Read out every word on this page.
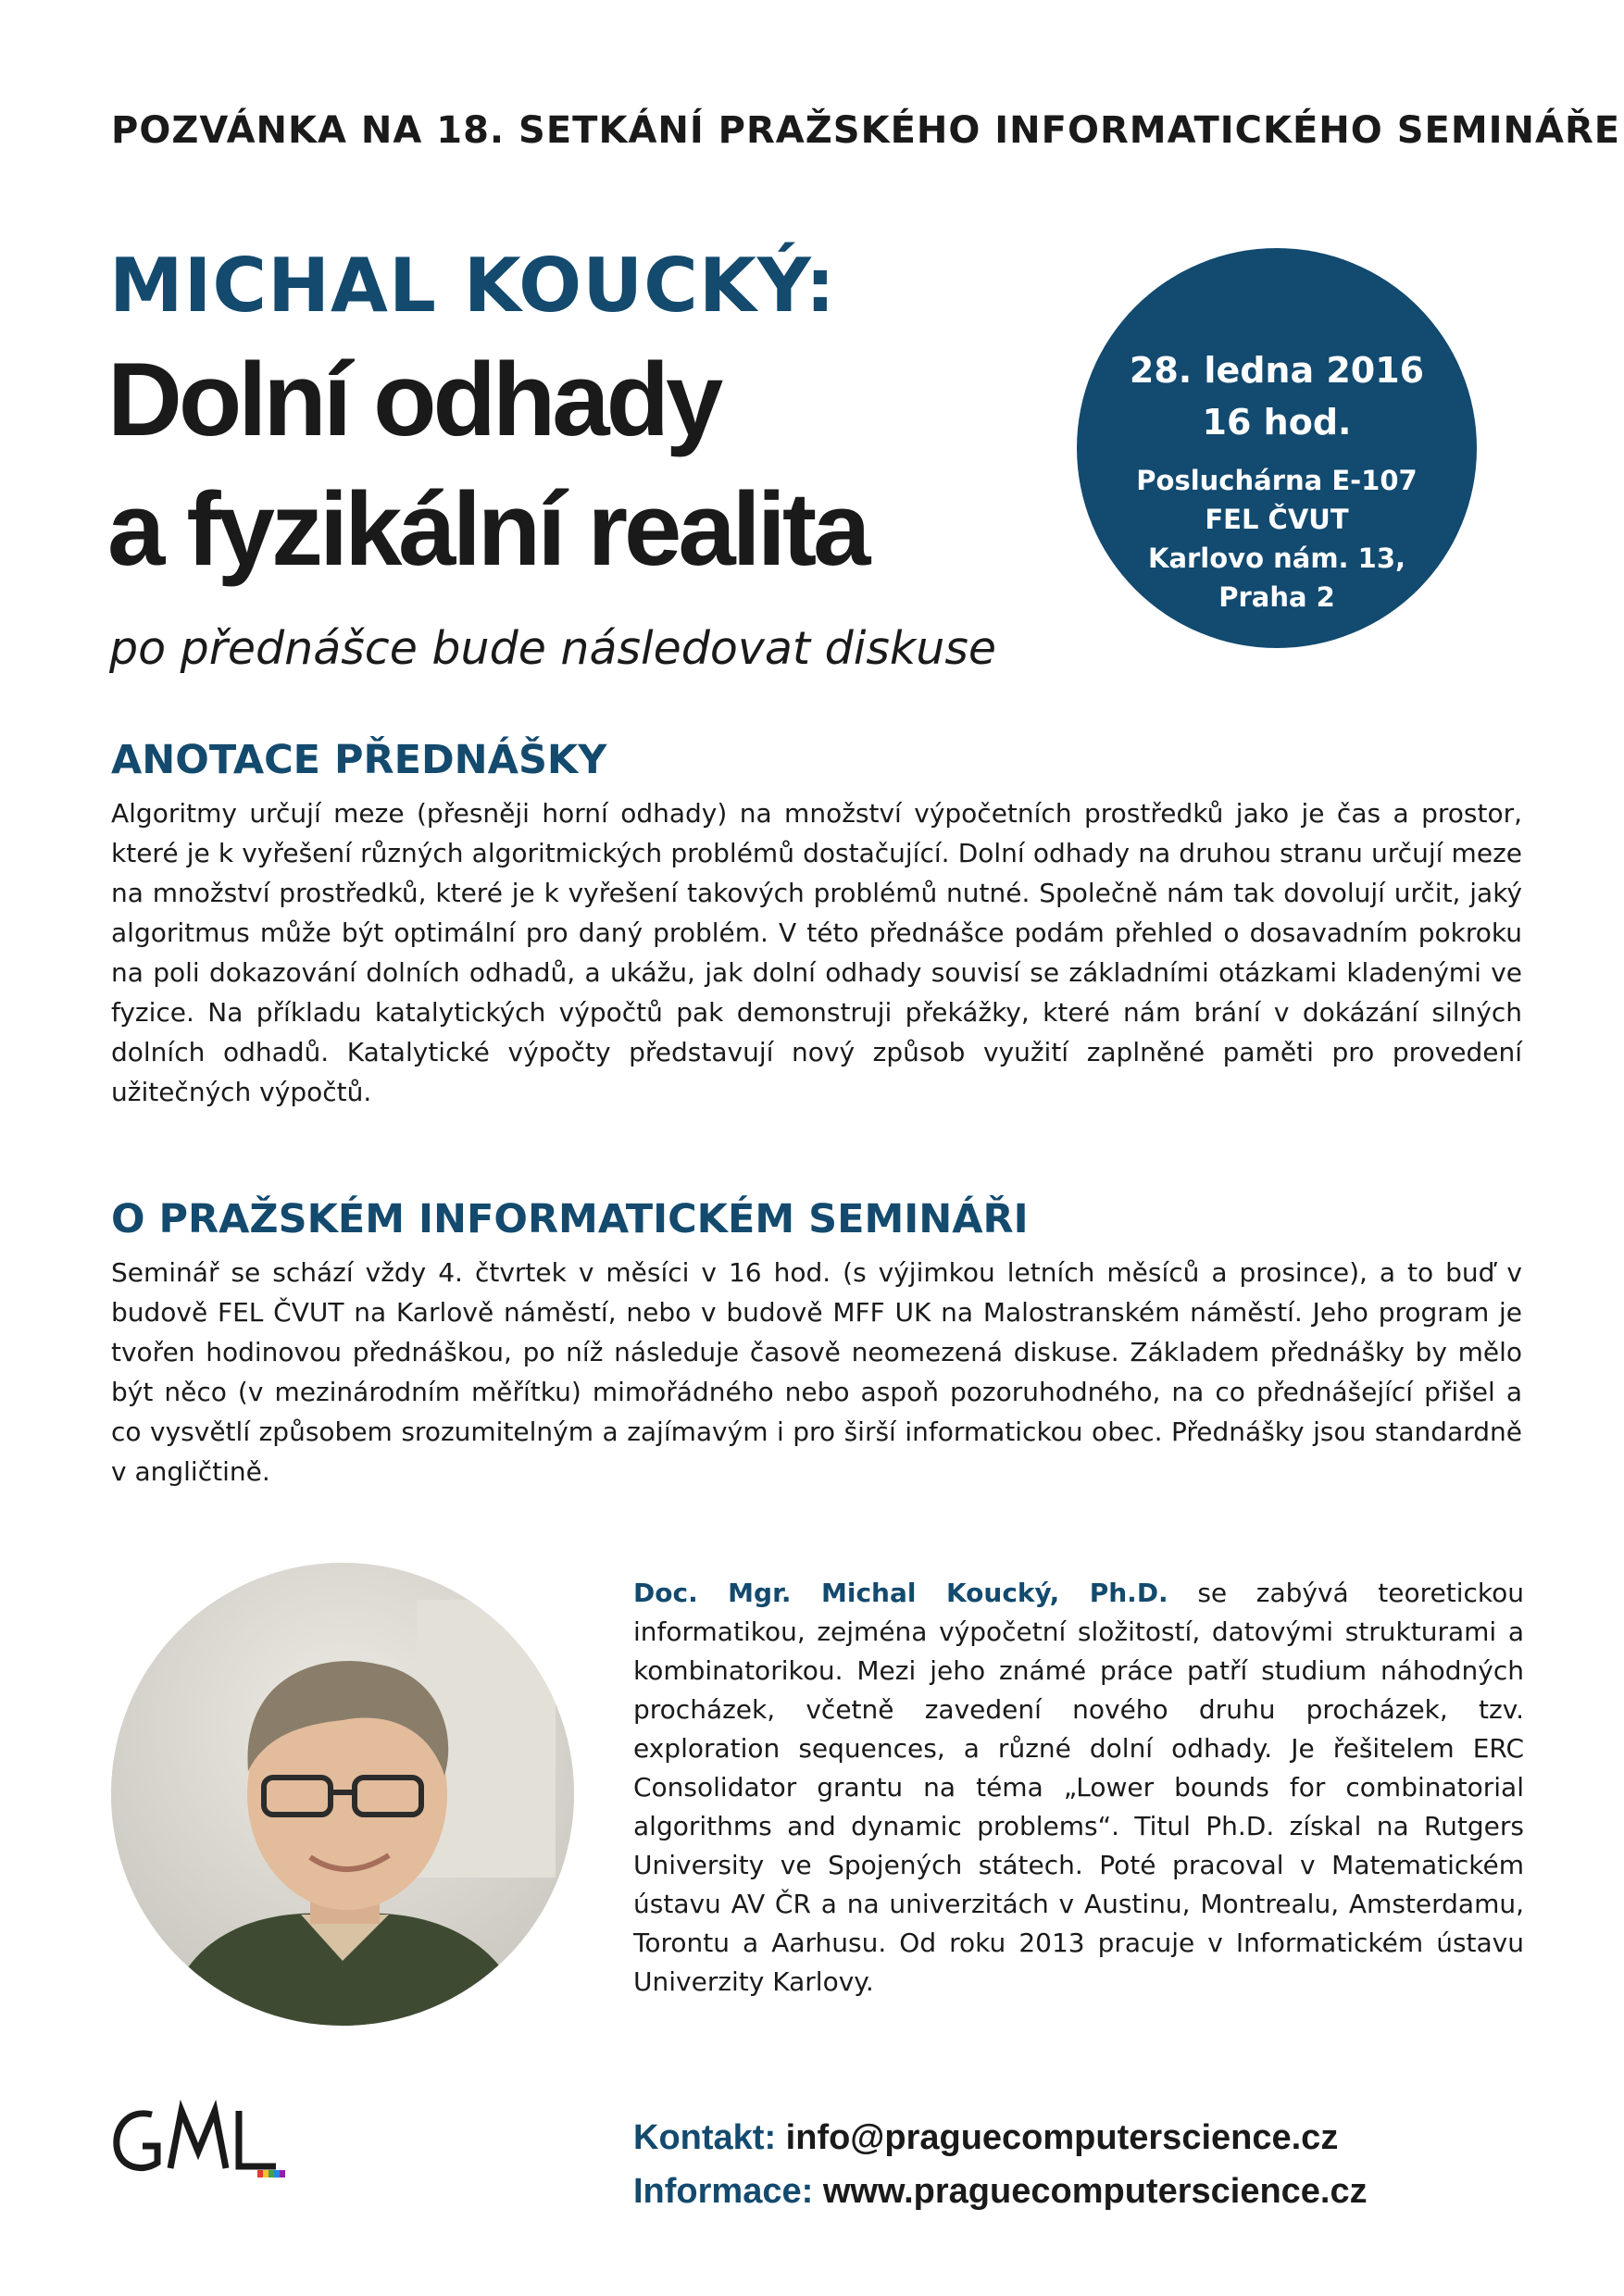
POZVÁNKA NA 18. SETKÁNÍ PRAŽSKÉHO INFORMATICKÉHO SEMINÁŘE
MICHAL KOUCKÝ:
Dolní odhady
a fyzikální realita
po přednášce bude následovat diskuse
28. ledna 2016
16 hod.
Posluchárna E-107
FEL ČVUT
Karlovo nám. 13,
Praha 2
ANOTACE PŘEDNÁŠKY
Algoritmy určují meze (přesněji horní odhady) na množství výpočetních prostředků jako je čas a prostor, které je k vyřešení různých algoritmických problémů dostačující. Dolní odhady na druhou stranu určují meze na množství prostředků, které je k vyřešení takových problémů nutné. Společně nám tak dovolují určit, jaký algoritmus může být optimální pro daný problém. V této přednášce podám přehled o dosavadním pokroku na poli dokazování dolních odhadů, a ukážu, jak dolní odhady souvisí se základními otázkami kladenými ve fyzice. Na příkladu katalytických výpočtů pak demonstruji překážky, které nám brání v dokázání silných dolních odhadů. Katalytické výpočty představují nový způsob využití zaplněné paměti pro provedení užitečných výpočtů.
O PRAŽSKÉM INFORMATICKÉM SEMINÁŘI
Seminář se schází vždy 4. čtvrtek v měsíci v 16 hod. (s výjimkou letních měsíců a prosince), a to buď v budově FEL ČVUT na Karlově náměstí, nebo v budově MFF UK na Malostranském náměstí. Jeho program je tvořen hodinovou přednáškou, po níž následuje časově neomezená diskuse. Základem přednášky by mělo být něco (v mezinárodním měřítku) mimořádného nebo aspoň pozoruhodného, na co přednášející přišel a co vysvětlí způsobem srozumitelným a zajímavým i pro širší informatickou obec. Přednášky jsou standardně v angličtině.
Doc. Mgr. Michal Koucký, Ph.D. se zabývá teoretickou informatikou, zejména výpočetní složitostí, datovými strukturami a kombinatorikou. Mezi jeho známé práce patří studium náhodných procházek, včetně zavedení nového druhu procházek, tzv. exploration sequences, a různé dolní odhady. Je řešitelem ERC Consolidator grantu na téma „Lower bounds for combinatorial algorithms and dynamic problems“. Titul Ph.D. získal na Rutgers University ve Spojených státech. Poté pracoval v Matematickém ústavu AV ČR a na univerzitách v Austinu, Montrealu, Amsterdamu, Torontu a Aarhusu. Od roku 2013 pracuje v Informatickém ústavu Univerzity Karlovy.
Kontakt: info@praguecomputerscience.cz
Informace: www.praguecomputerscience.cz
